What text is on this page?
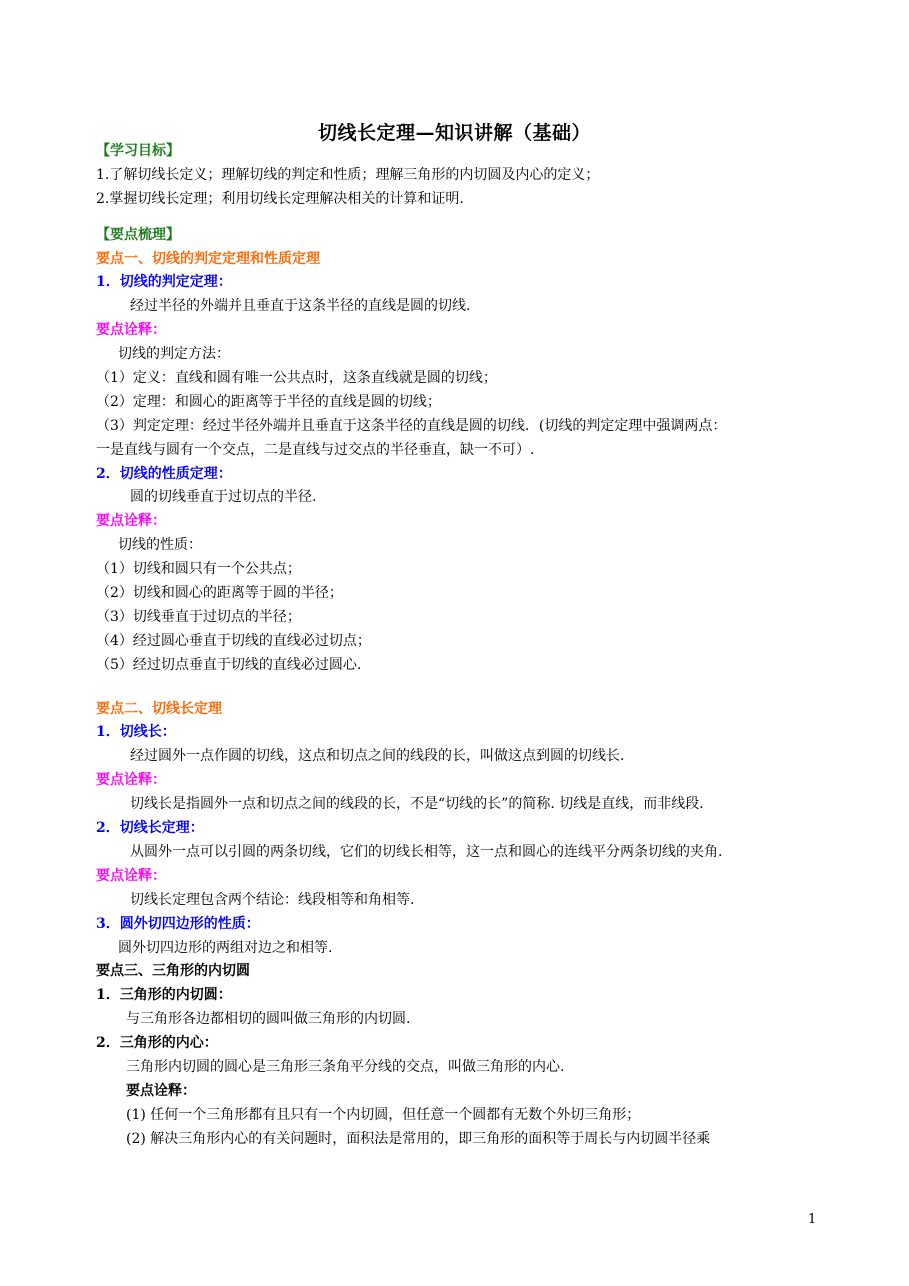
切线长定理—知识讲解（基础）
【学习目标】
1.了解切线长定义；理解切线的判定和性质；理解三角形的内切圆及内心的定义；
2.掌握切线长定理；利用切线长定理解决相关的计算和证明.
【要点梳理】
要点一、切线的判定定理和性质定理
1．切线的判定定理：
经过半径的外端并且垂直于这条半径的直线是圆的切线.
要点诠释：
切线的判定方法：
（1）定义：直线和圆有唯一公共点时，这条直线就是圆的切线；
（2）定理：和圆心的距离等于半径的直线是圆的切线；
（3）判定定理：经过半径外端并且垂直于这条半径的直线是圆的切线．(切线的判定定理中强调两点：
一是直线与圆有一个交点，二是直线与过交点的半径垂直，缺一不可）.
2．切线的性质定理：
圆的切线垂直于过切点的半径.
要点诠释：
切线的性质：
（1）切线和圆只有一个公共点；
（2）切线和圆心的距离等于圆的半径；
（3）切线垂直于过切点的半径；
（4）经过圆心垂直于切线的直线必过切点；
（5）经过切点垂直于切线的直线必过圆心.
要点二、切线长定理
1．切线长：
经过圆外一点作圆的切线，这点和切点之间的线段的长，叫做这点到圆的切线长.
要点诠释：
切线长是指圆外一点和切点之间的线段的长，不是“切线的长”的简称. 切线是直线，而非线段.
2．切线长定理：
从圆外一点可以引圆的两条切线，它们的切线长相等，这一点和圆心的连线平分两条切线的夹角.
要点诠释：
切线长定理包含两个结论：线段相等和角相等.
3．圆外切四边形的性质：
圆外切四边形的两组对边之和相等.
要点三、三角形的内切圆
1．三角形的内切圆：
与三角形各边都相切的圆叫做三角形的内切圆.
2．三角形的内心：
三角形内切圆的圆心是三角形三条角平分线的交点，叫做三角形的内心.
要点诠释：
(1) 任何一个三角形都有且只有一个内切圆，但任意一个圆都有无数个外切三角形；
(2) 解决三角形内心的有关问题时，面积法是常用的，即三角形的面积等于周长与内切圆半径乘
1
